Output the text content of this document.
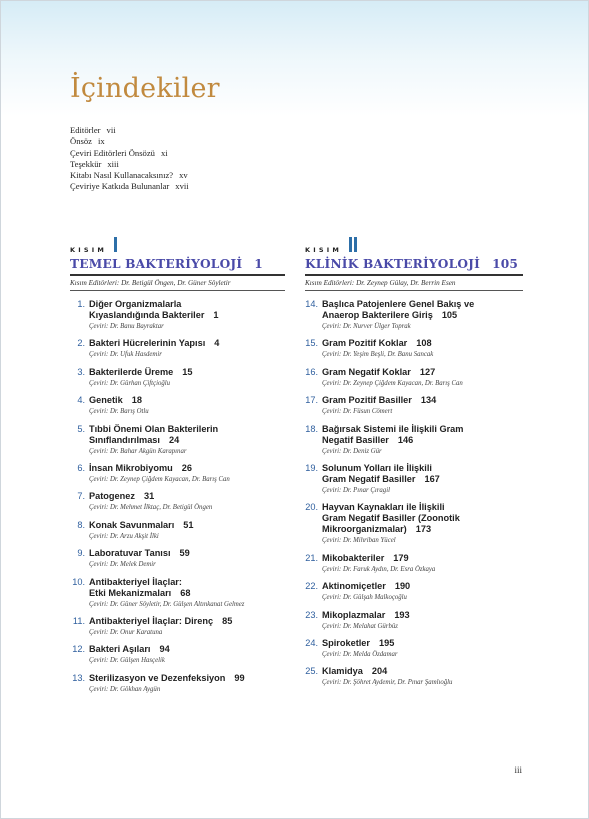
İçindekiler
Editörler vii
Önsöz ix
Çeviri Editörleri Önsözü xi
Teşekkür xiii
Kitabı Nasıl Kullanacaksınız? xv
Çeviriye Katkıda Bulunanlar xvii
KISIM
TEMEL BAKTERİYOLOJİ 1
Kısım Editörleri: Dr. Betigül Öngen, Dr. Güner Söyletir
1. Diğer Organizmalarla
Kıyaslandığında Bakteriler 1
Çeviri: Dr. Banu Bayraktar
2. Bakteri Hücrelerinin Yapısı 4
Çeviri: Dr. Ufuk Hasdemir
3. Bakterilerde Üreme 15
Çeviri: Dr. Gürhan Çiftçioğlu
4. Genetik 18
Çeviri: Dr. Barış Otlu
5. Tıbbi Önemi Olan Bakterilerin
Sınıflandırılması 24
Çeviri: Dr. Bahar Akgün Karapınar
6. İnsan Mikrobiyomu 26
Çeviri: Dr. Zeynep Çiğdem Kayacan, Dr. Barış Can
7. Patogenez 31
Çeviri: Dr. Mehmet İlktaç, Dr. Betigül Öngen
8. Konak Savunmaları 51
Çeviri: Dr. Arzu Akşit İlki
9. Laboratuvar Tanısı 59
Çeviri: Dr. Melek Demir
10. Antibakteriyel İlaçlar:
Etki Mekanizmaları 68
Çeviri: Dr. Güner Söyletir, Dr. Gülşen Altınkanat Gelmez
11. Antibakteriyel İlaçlar: Direnç 85
Çeviri: Dr. Onur Karatuna
12. Bakteri Aşıları 94
Çeviri: Dr. Gülşen Hasçelik
13. Sterilizasyon ve Dezenfeksiyon 99
Çeviri: Dr. Gökhan Aygün
KISIM
KLİNİK BAKTERİYOLOJİ 105
Kısım Editörleri: Dr. Zeynep Gülay, Dr. Berrin Esen
14. Başlıca Patojenlere Genel Bakış ve
Anaerop Bakterilere Giriş 105
Çeviri: Dr. Nurver Ülger Toprak
15. Gram Pozitif Koklar 108
Çeviri: Dr. Yeşim Beşli, Dr. Banu Sancak
16. Gram Negatif Koklar 127
Çeviri: Dr. Zeynep Çiğdem Kayacan, Dr. Barış Can
17. Gram Pozitif Basiller 134
Çeviri: Dr. Füsun Cömert
18. Bağırsak Sistemi ile İlişkili Gram
Negatif Basiller 146
Çeviri: Dr. Deniz Gür
19. Solunum Yolları ile İlişkili
Gram Negatif Basiller 167
Çeviri: Dr. Pınar Çıragil
20. Hayvan Kaynakları ile İlişkili
Gram Negatif Basiller (Zoonotik
Mikroorganizmalar) 173
Çeviri: Dr. Mihriban Yücel
21. Mikobakteriler 179
Çeviri: Dr. Faruk Aydın, Dr. Esra Özkaya
22. Aktinomiçetler 190
Çeviri: Dr. Gülşah Malkoçoğlu
23. Mikoplazmalar 193
Çeviri: Dr. Melahat Gürbüz
24. Spiroketler 195
Çeviri: Dr. Melda Özdamar
25. Klamidya 204
Çeviri: Dr. Şöhret Aydemir, Dr. Pınar Şamlıoğlu
iii
